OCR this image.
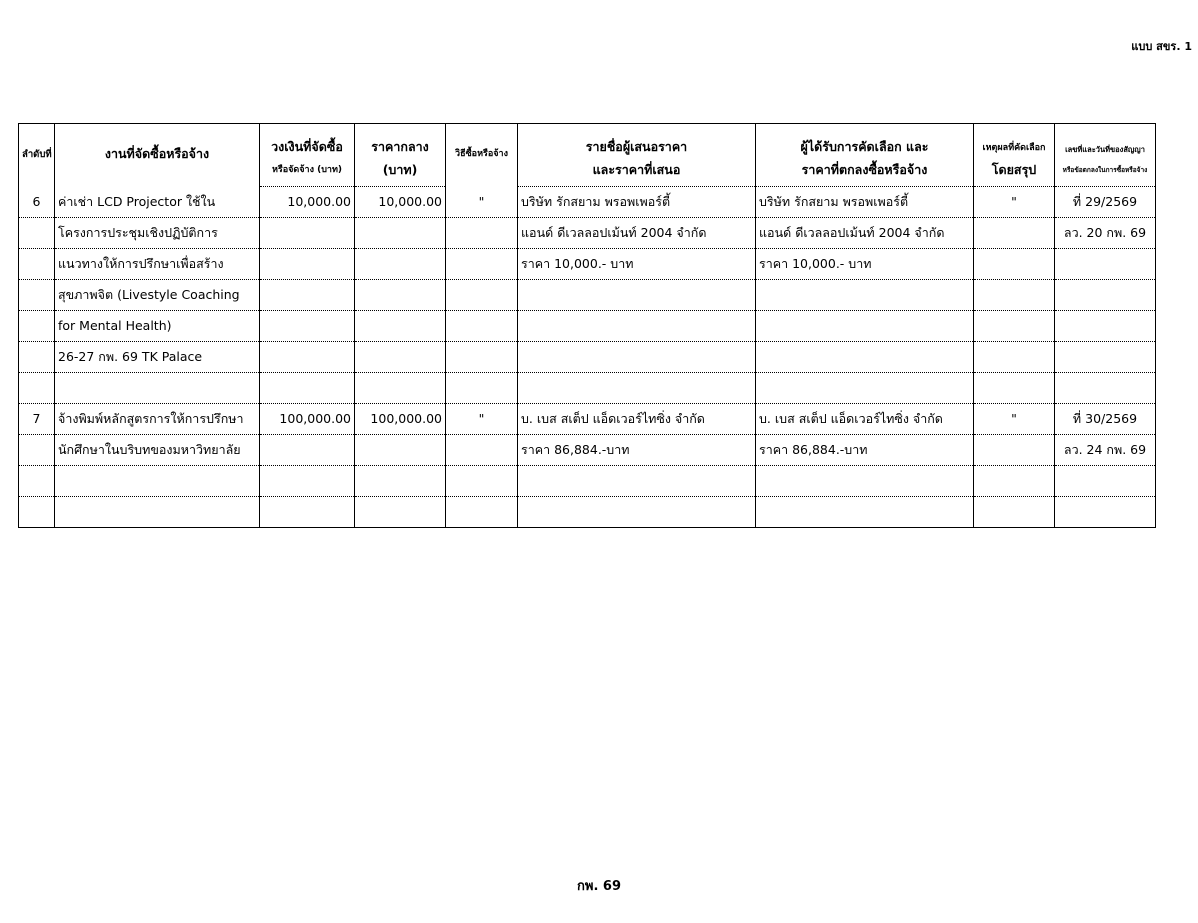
แบบ สขร. 1
ลำดับที่	งานที่จัดซื้อหรือจ้าง	วงเงินที่จัดซื้อ	ราคากลาง	วิธีซื้อหรือจ้าง	รายชื่อผู้เสนอราคา	ผู้ได้รับการคัดเลือก และ	เหตุผลที่คัดเลือก	เลขที่และวันที่ของสัญญา
		หรือจัดจ้าง (บาท)	(บาท)		และราคาที่เสนอ	ราคาที่ตกลงซื้อหรือจ้าง	โดยสรุป	หรือข้อตกลงในการซื้อหรือจ้าง
6	ค่าเช่า LCD Projector ใช้ใน	10,000.00	10,000.00	"	บริษัท รักสยาม พรอพเพอร์ตี้	บริษัท รักสยาม พรอพเพอร์ตี้	"	ที่ 29/2569
	โครงการประชุมเชิงปฏิบัติการ				แอนด์ ดีเวลลอปเม้นท์ 2004 จำกัด	แอนด์ ดีเวลลอปเม้นท์ 2004 จำกัด		ลว. 20 กพ. 69
	แนวทางให้การปรึกษาเพื่อสร้าง				ราคา 10,000.- บาท	ราคา 10,000.- บาท		
	สุขภาพจิต (Livestyle Coaching							
	for Mental Health)							
	26-27 กพ. 69 TK Palace							

7	จ้างพิมพ์หลักสูตรการให้การปรึกษา	100,000.00	100,000.00	"	บ. เบส สเต็ป แอ็ดเวอร์ไทซิ่ง จำกัด	บ. เบส สเต็ป แอ็ดเวอร์ไทซิ่ง จำกัด	"	ที่ 30/2569
	นักศึกษาในบริบทของมหาวิทยาลัย				ราคา 86,884.-บาท	ราคา 86,884.-บาท		ลว. 24 กพ. 69

กพ. 69
